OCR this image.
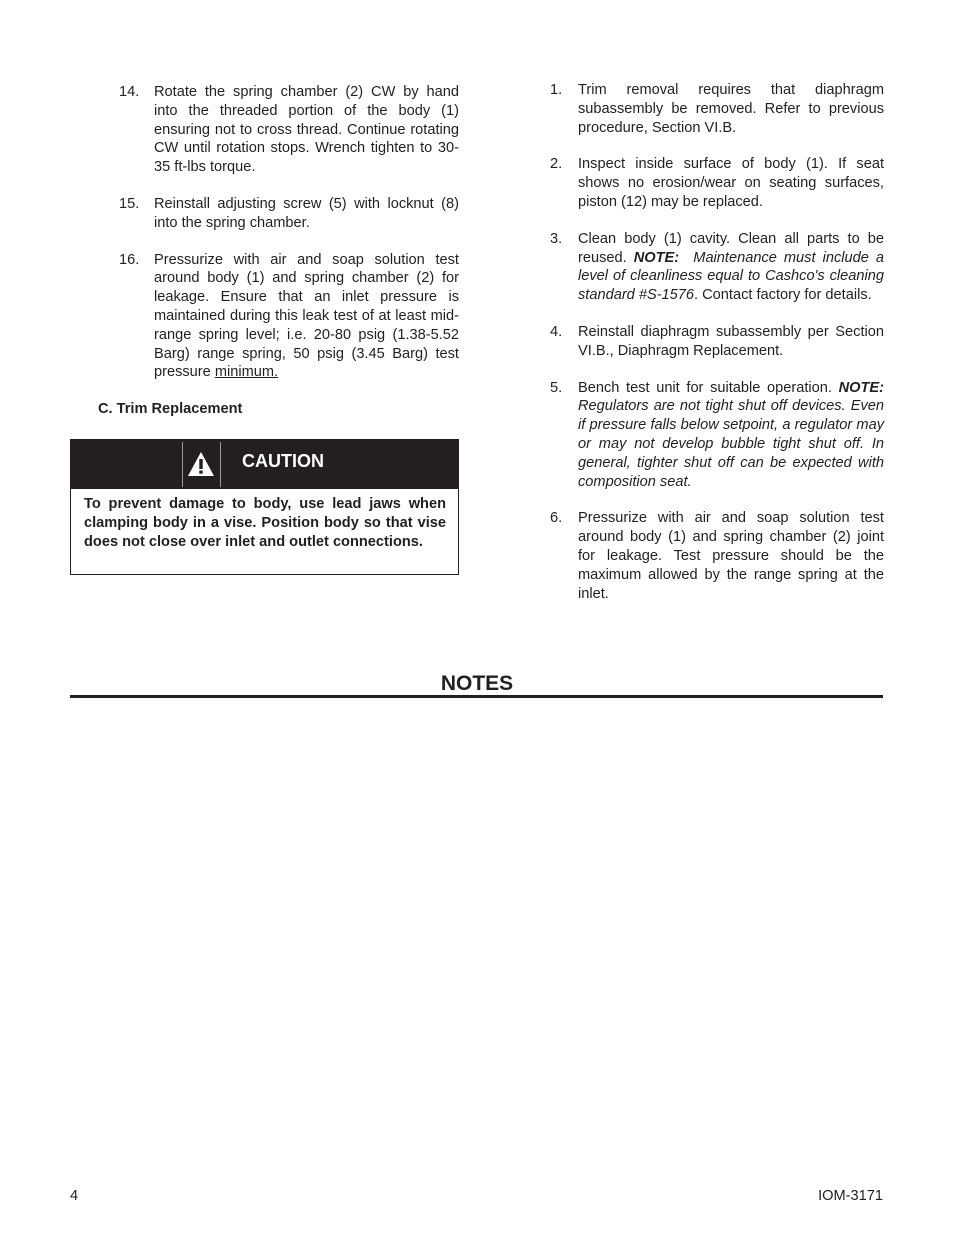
14. Rotate the spring chamber (2) CW by hand into the threaded portion of the body (1) ensuring not to cross thread. Continue rotating CW until rotation stops. Wrench tighten to 30-35 ft-lbs torque.

15. Reinstall adjusting screw (5) with locknut (8) into the spring chamber.

16. Pressurize with air and soap solution test around body (1) and spring chamber (2) for leakage. Ensure that an inlet pressure is maintained during this leak test of at least mid-range spring level; i.e. 20-80 psig (1.38-5.52 Barg) range spring, 50 psig (3.45 Barg) test pressure minimum.

C. Trim Replacement
CAUTION
To prevent damage to body, use lead jaws when clamping body in a vise. Position body so that vise does not close over inlet and outlet connections.

1. Trim removal requires that diaphragm subassembly be removed. Refer to previous procedure, Section VI.B.

2. Inspect inside surface of body (1). If seat shows no erosion/wear on seating surfaces, piston (12) may be replaced.

3. Clean body (1) cavity. Clean all parts to be reused. NOTE: Maintenance must include a level of cleanliness equal to Cashco's cleaning standard #S-1576. Contact factory for details.

4. Reinstall diaphragm subassembly per Section VI.B., Diaphragm Replacement.

5. Bench test unit for suitable operation. NOTE: Regulators are not tight shut off devices. Even if pressure falls below setpoint, a regulator may or may not develop bubble tight shut off. In general, tighter shut off can be expected with composition seat.

6. Pressurize with air and soap solution test around body (1) and spring chamber (2) joint for leakage. Test pressure should be the maximum allowed by the range spring at the inlet.

NOTES
4	IOM-3171
